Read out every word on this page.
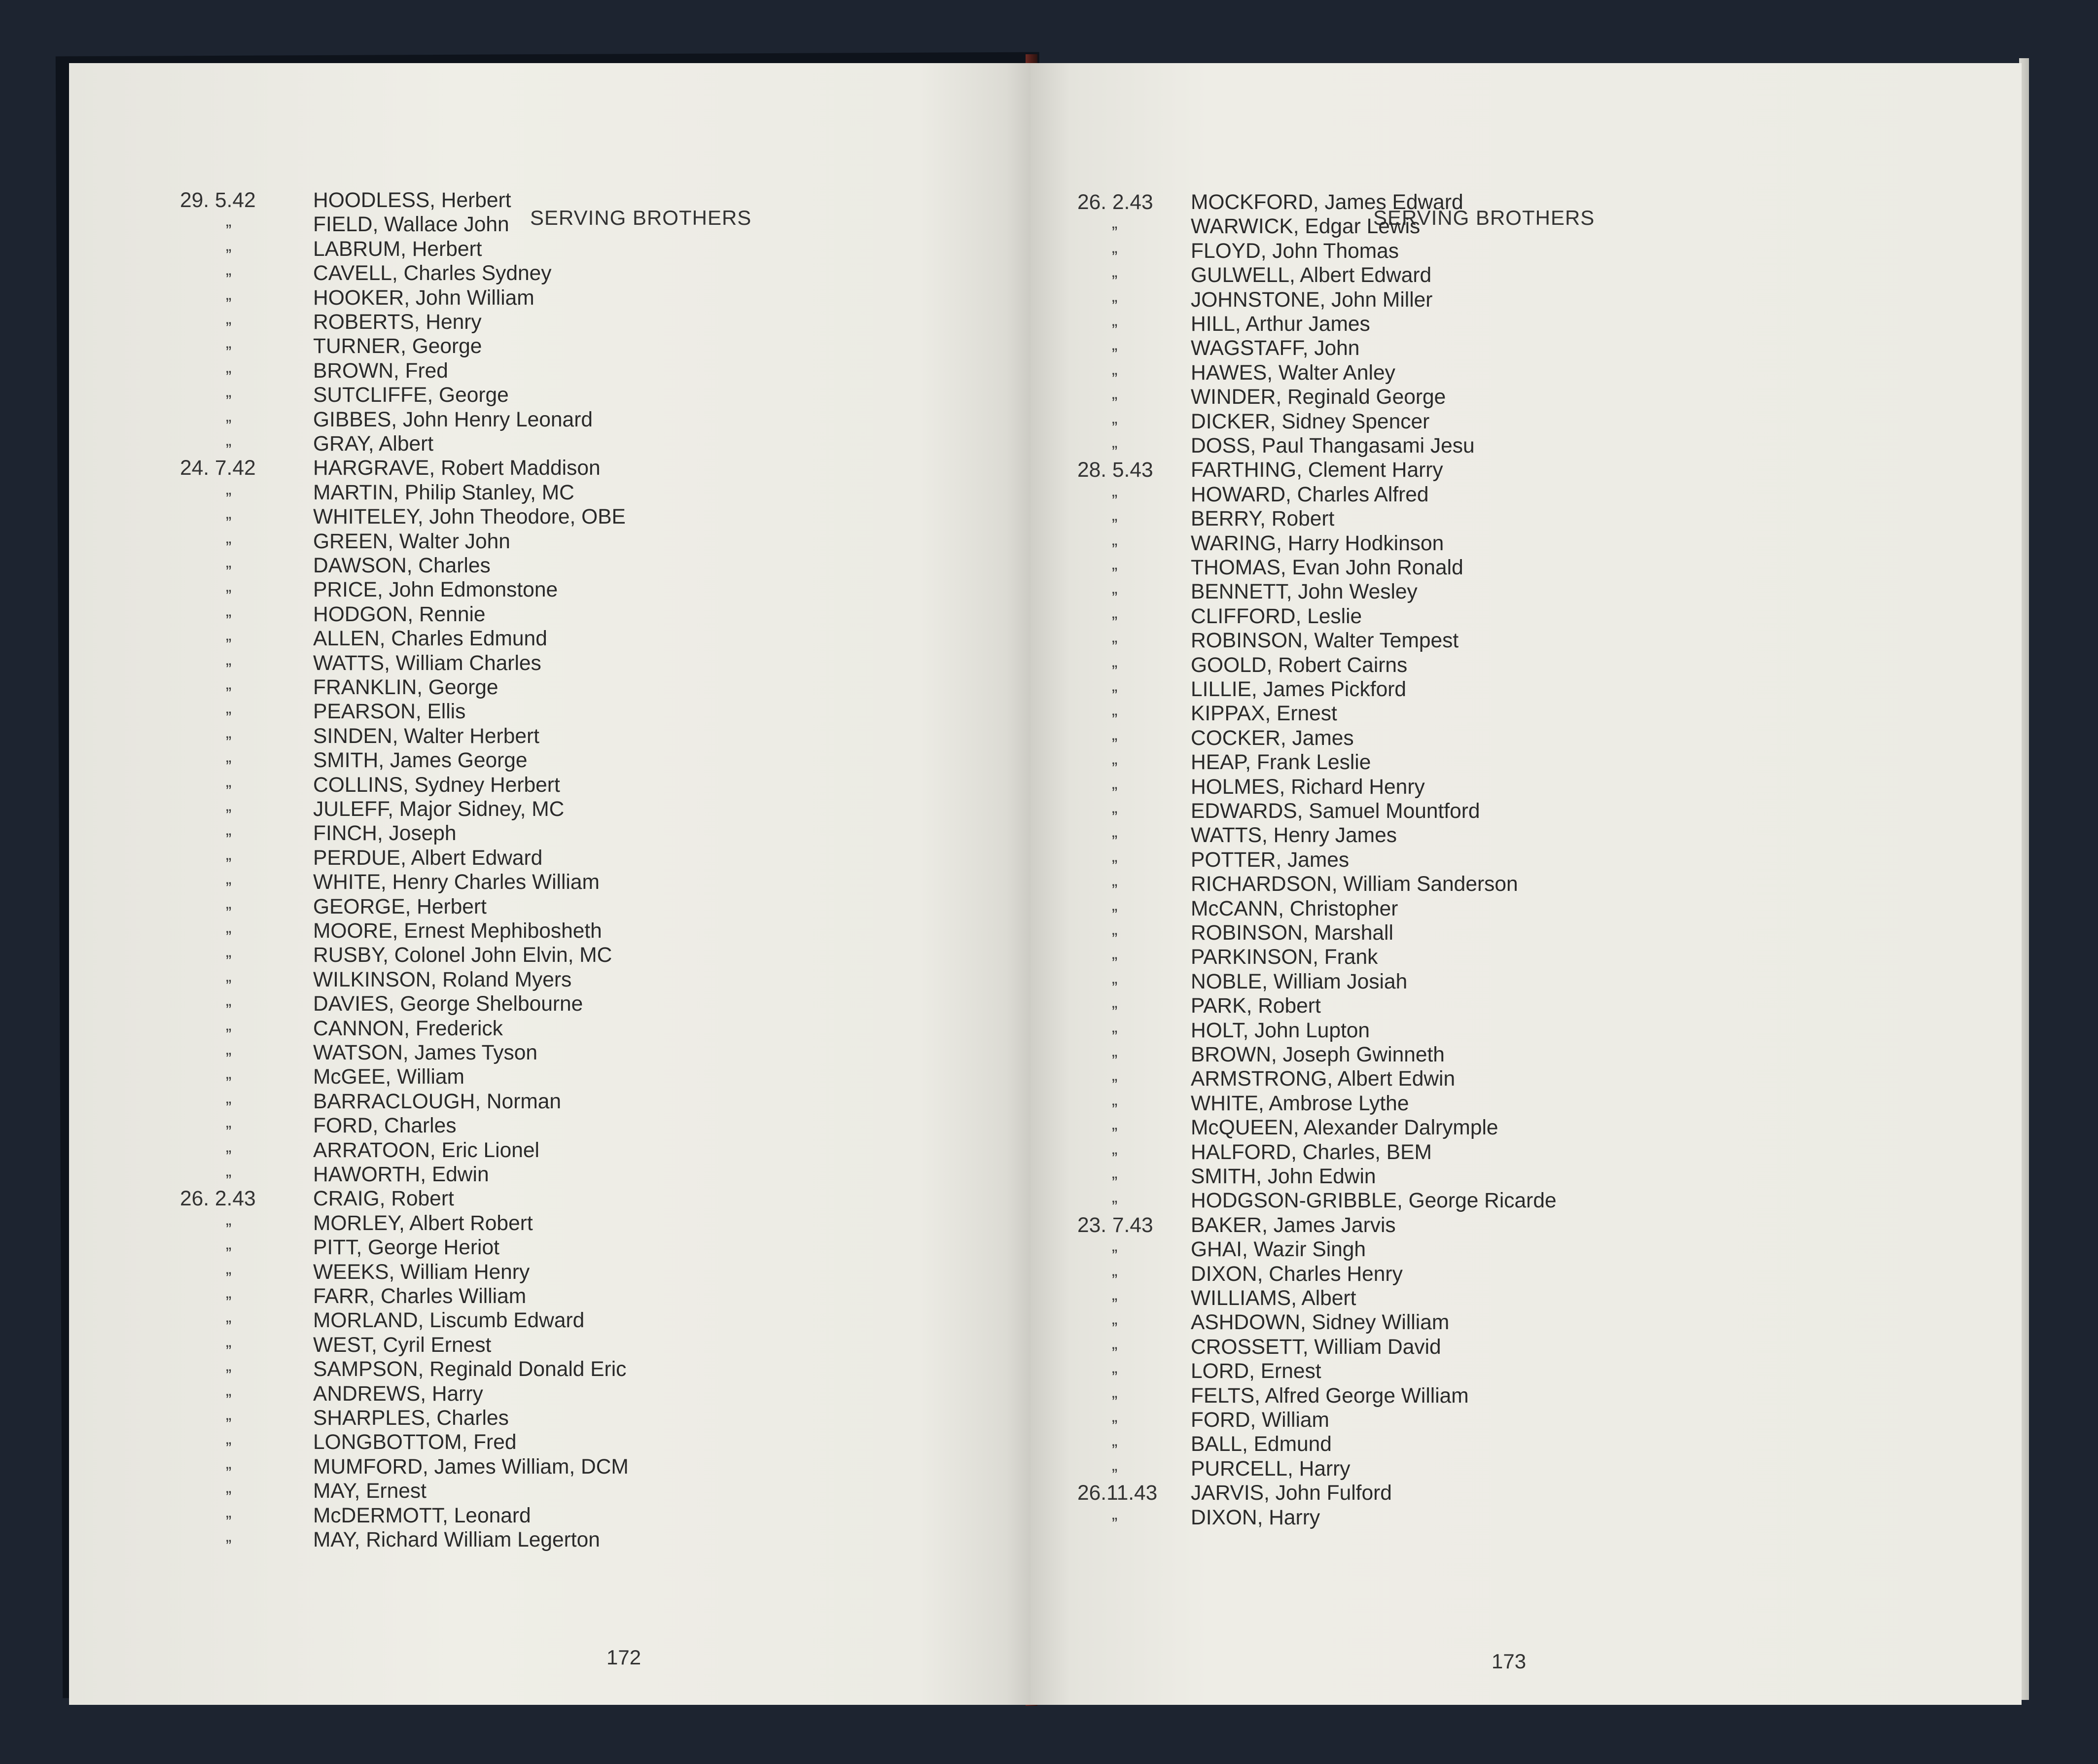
SERVING BROTHERS
29. 5.42	HOODLESS, Herbert
”	FIELD, Wallace John
”	LABRUM, Herbert
”	CAVELL, Charles Sydney
”	HOOKER, John William
”	ROBERTS, Henry
”	TURNER, George
”	BROWN, Fred
”	SUTCLIFFE, George
”	GIBBES, John Henry Leonard
”	GRAY, Albert
24. 7.42	HARGRAVE, Robert Maddison
”	MARTIN, Philip Stanley, MC
”	WHITELEY, John Theodore, OBE
”	GREEN, Walter John
”	DAWSON, Charles
”	PRICE, John Edmonstone
”	HODGON, Rennie
”	ALLEN, Charles Edmund
”	WATTS, William Charles
”	FRANKLIN, George
”	PEARSON, Ellis
”	SINDEN, Walter Herbert
”	SMITH, James George
”	COLLINS, Sydney Herbert
”	JULEFF, Major Sidney, MC
”	FINCH, Joseph
”	PERDUE, Albert Edward
”	WHITE, Henry Charles William
”	GEORGE, Herbert
”	MOORE, Ernest Mephibosheth
”	RUSBY, Colonel John Elvin, MC
”	WILKINSON, Roland Myers
”	DAVIES, George Shelbourne
”	CANNON, Frederick
”	WATSON, James Tyson
”	McGEE, William
”	BARRACLOUGH, Norman
”	FORD, Charles
”	ARRATOON, Eric Lionel
”	HAWORTH, Edwin
26. 2.43	CRAIG, Robert
”	MORLEY, Albert Robert
”	PITT, George Heriot
”	WEEKS, William Henry
”	FARR, Charles William
”	MORLAND, Liscumb Edward
”	WEST, Cyril Ernest
”	SAMPSON, Reginald Donald Eric
”	ANDREWS, Harry
”	SHARPLES, Charles
”	LONGBOTTOM, Fred
”	MUMFORD, James William, DCM
”	MAY, Ernest
”	McDERMOTT, Leonard
”	MAY, Richard William Legerton
172
SERVING BROTHERS
26. 2.43 MOCKFORD, James Edward
”	WARWICK, Edgar Lewis
”	FLOYD, John Thomas
”	GULWELL, Albert Edward
”	JOHNSTONE, John Miller
”	HILL, Arthur James
”	WAGSTAFF, John
”	HAWES, Walter Anley
”	WINDER, Reginald George
”	DICKER, Sidney Spencer
”	DOSS, Paul Thangasami Jesu
28. 5.43 FARTHING, Clement Harry
”	HOWARD, Charles Alfred
”	BERRY, Robert
”	WARING, Harry Hodkinson
”	THOMAS, Evan John Ronald
”	BENNETT, John Wesley
”	CLIFFORD, Leslie
”	ROBINSON, Walter Tempest
”	GOOLD, Robert Cairns
”	LILLIE, James Pickford
”	KIPPAX, Ernest
”	COCKER, James
”	HEAP, Frank Leslie
”	HOLMES, Richard Henry
”	EDWARDS, Samuel Mountford
”	WATTS, Henry James
”	POTTER, James
”	RICHARDSON, William Sanderson
”	McCANN, Christopher
”	ROBINSON, Marshall
”	PARKINSON, Frank
”	NOBLE, William Josiah
”	PARK, Robert
”	HOLT, John Lupton
”	BROWN, Joseph Gwinneth
”	ARMSTRONG, Albert Edwin
”	WHITE, Ambrose Lythe
”	McQUEEN, Alexander Dalrymple
”	HALFORD, Charles, BEM
”	SMITH, John Edwin
”	HODGSON-GRIBBLE, George Ricarde
23. 7.43 BAKER, James Jarvis
”	GHAI, Wazir Singh
”	DIXON, Charles Henry
”	WILLIAMS, Albert
”	ASHDOWN, Sidney William
”	CROSSETT, William David
”	LORD, Ernest
”	FELTS, Alfred George William
”	FORD, William
”	BALL, Edmund
”	PURCELL, Harry
26.11.43 JARVIS, John Fulford
”	DIXON, Harry
173
